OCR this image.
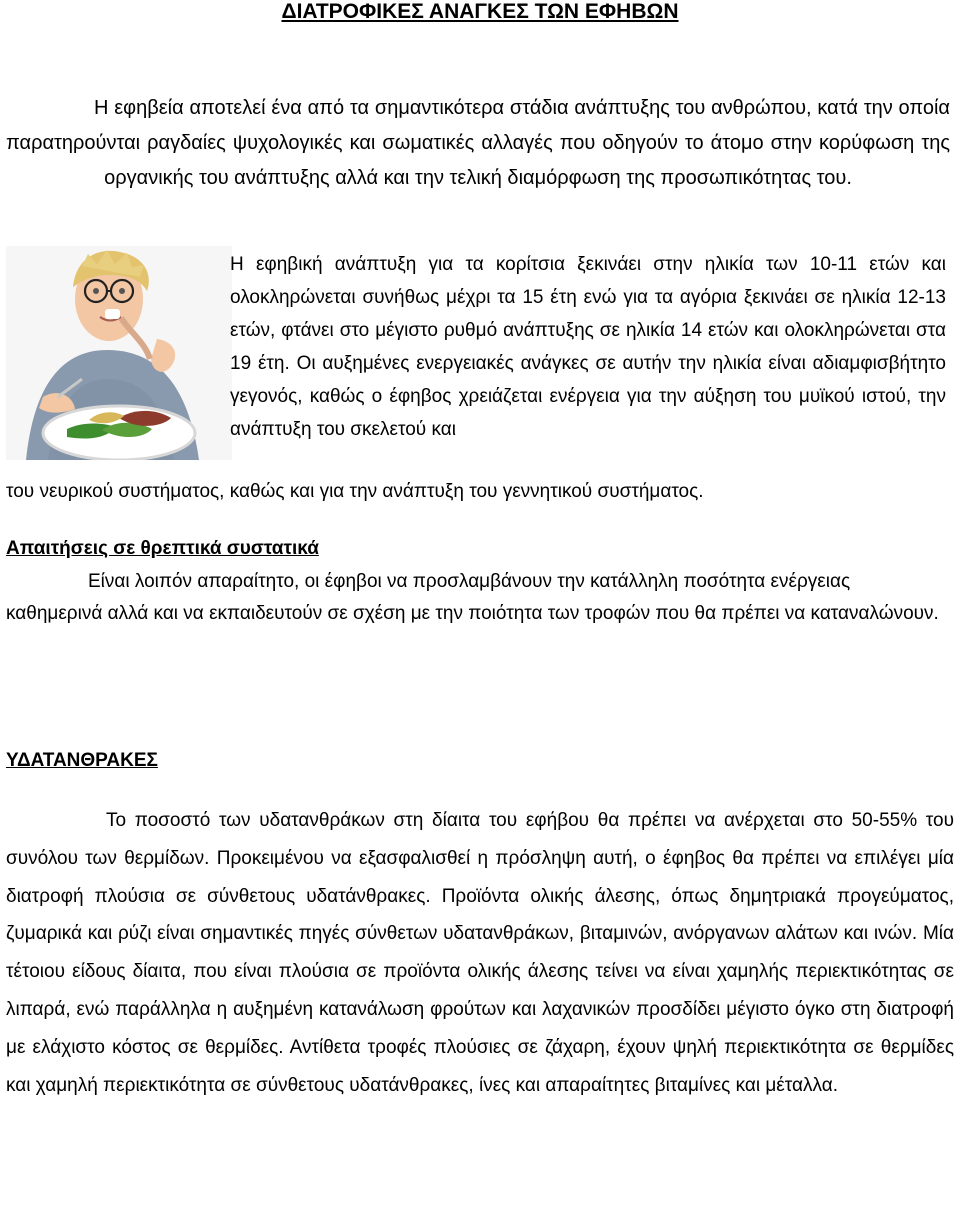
ΔΙΑΤΡΟΦΙΚΕΣ ΑΝΑΓΚΕΣ ΤΩΝ ΕΦΗΒΩΝ

Η εφηβεία αποτελεί ένα από τα σημαντικότερα στάδια ανάπτυξης του ανθρώπου, κατά την οποία παρατηρούνται ραγδαίες ψυχολογικές και σωματικές αλλαγές που οδηγούν το άτομο στην κορύφωση της οργανικής του ανάπτυξης αλλά και την τελική διαμόρφωση της προσωπικότητας του.

Η εφηβική ανάπτυξη για τα κορίτσια ξεκινάει στην ηλικία των 10-11 ετών και ολοκληρώνεται συνήθως μέχρι τα 15 έτη ενώ για τα αγόρια ξεκινάει σε ηλικία 12-13 ετών, φτάνει στο μέγιστο ρυθμό ανάπτυξης σε ηλικία 14 ετών και ολοκληρώνεται στα 19 έτη. Οι αυξημένες ενεργειακές ανάγκες σε αυτήν την ηλικία είναι αδιαμφισβήτητο γεγονός, καθώς ο έφηβος χρειάζεται ενέργεια για την αύξηση του μυϊκού ιστού, την ανάπτυξη του σκελετού και

του νευρικού συστήματος, καθώς και για την ανάπτυξη του γεννητικού συστήματος.

Απαιτήσεις σε θρεπτικά συστατικά

Είναι λοιπόν απαραίτητο, οι έφηβοι να προσλαμβάνουν την κατάλληλη ποσότητα ενέργειας καθημερινά αλλά και να εκπαιδευτούν σε σχέση με την ποιότητα των τροφών που θα πρέπει να καταναλώνουν.

ΥΔΑΤΑΝΘΡΑΚΕΣ

Το ποσοστό των υδατανθράκων στη δίαιτα του εφήβου θα πρέπει να ανέρχεται στο 50-55% του συνόλου των θερμίδων. Προκειμένου να εξασφαλισθεί η πρόσληψη αυτή, ο έφηβος θα πρέπει να επιλέγει μία διατροφή πλούσια σε σύνθετους υδατάνθρακες. Προϊόντα ολικής άλεσης, όπως δημητριακά προγεύματος, ζυμαρικά και ρύζι είναι σημαντικές πηγές σύνθετων υδατανθράκων, βιταμινών, ανόργανων αλάτων και ινών. Μία τέτοιου είδους δίαιτα, που είναι πλούσια σε προϊόντα ολικής άλεσης τείνει να είναι χαμηλής περιεκτικότητας σε λιπαρά, ενώ παράλληλα η αυξημένη κατανάλωση φρούτων και λαχανικών προσδίδει μέγιστο όγκο στη διατροφή με ελάχιστο κόστος σε θερμίδες. Αντίθετα τροφές πλούσιες σε ζάχαρη, έχουν ψηλή περιεκτικότητα σε θερμίδες και χαμηλή περιεκτικότητα σε σύνθετους υδατάνθρακες, ίνες και απαραίτητες βιταμίνες και μέταλλα.
